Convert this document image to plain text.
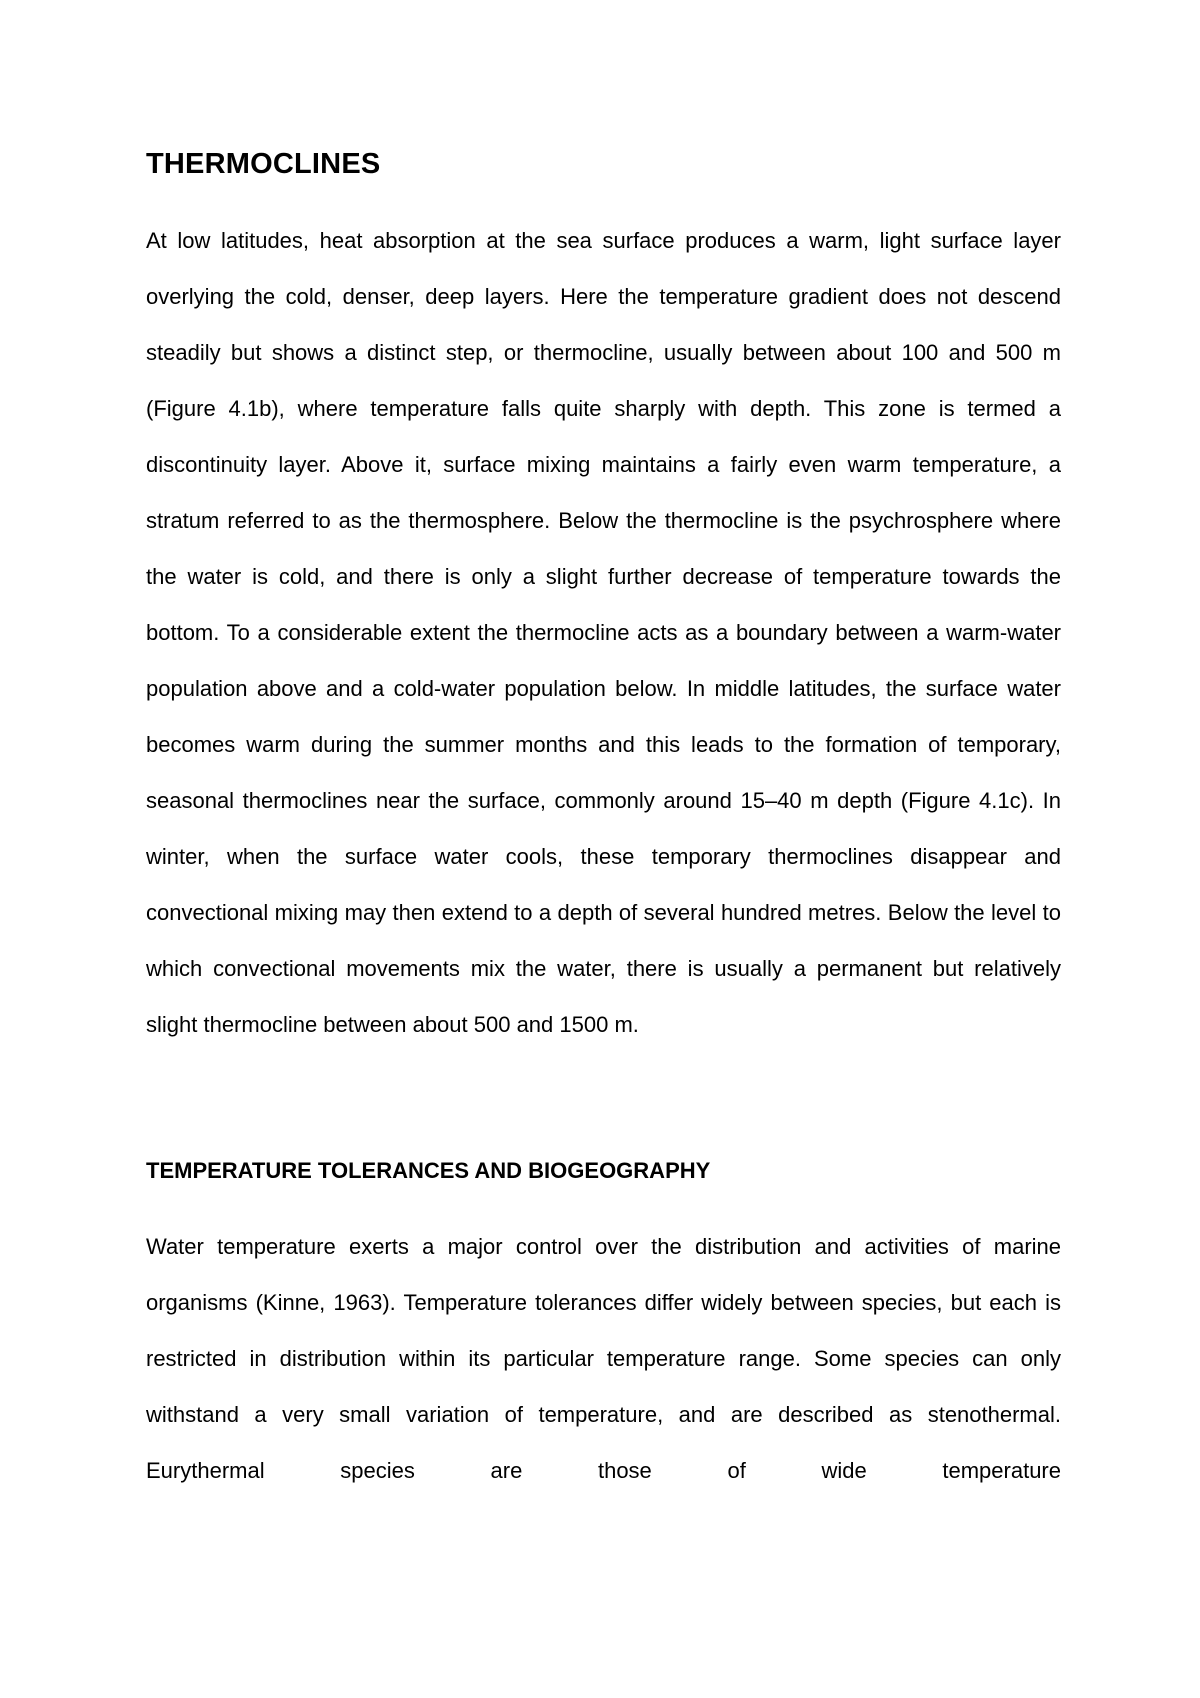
THERMOCLINES

At low latitudes, heat absorption at the sea surface produces a warm, light surface layer overlying the cold, denser, deep layers. Here the temperature gradient does not descend steadily but shows a distinct step, or thermocline, usually between about 100 and 500 m (Figure 4.1b), where temperature falls quite sharply with depth. This zone is termed a discontinuity layer. Above it, surface mixing maintains a fairly even warm temperature, a stratum referred to as the thermosphere. Below the thermocline is the psychrosphere where the water is cold, and there is only a slight further decrease of temperature towards the bottom. To a considerable extent the thermocline acts as a boundary between a warm-water population above and a cold-water population below. In middle latitudes, the surface water becomes warm during the summer months and this leads to the formation of temporary, seasonal thermoclines near the surface, commonly around 15–40 m depth (Figure 4.1c). In winter, when the surface water cools, these temporary thermoclines disappear and convectional mixing may then extend to a depth of several hundred metres. Below the level to which convectional movements mix the water, there is usually a permanent but relatively slight thermocline between about 500 and 1500 m.

TEMPERATURE TOLERANCES AND BIOGEOGRAPHY

Water temperature exerts a major control over the distribution and activities of marine organisms (Kinne, 1963). Temperature tolerances differ widely between species, but each is restricted in distribution within its particular temperature range. Some species can only withstand a very small variation of temperature, and are described as stenothermal. Eurythermal species are those of wide temperature
